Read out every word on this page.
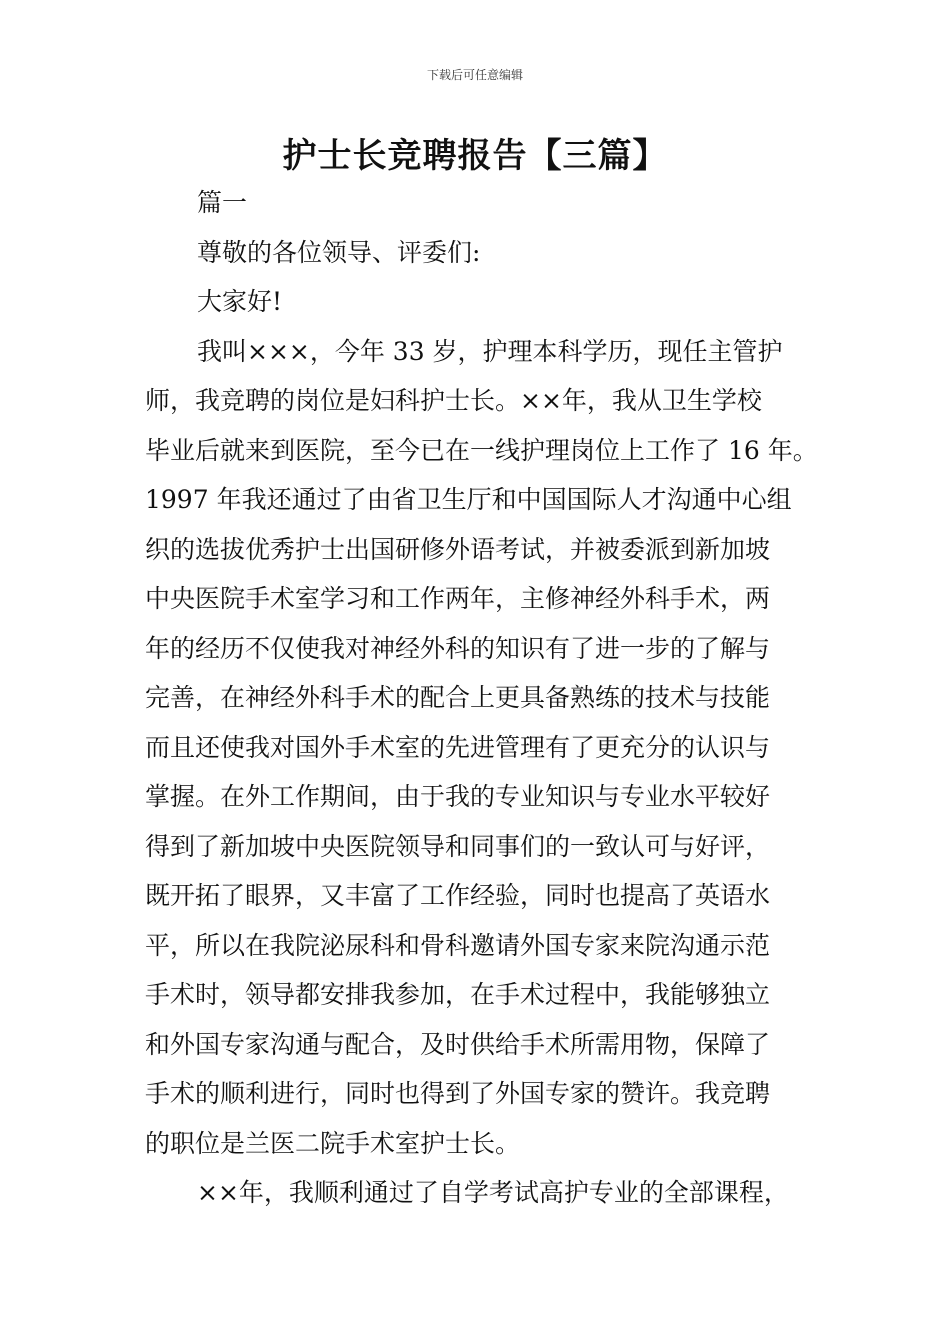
下载后可任意编辑
护士长竞聘报告【三篇】
篇一
尊敬的各位领导、评委们:
大家好!
我叫×××，今年 33 岁，护理本科学历，现任主管护
师，我竞聘的岗位是妇科护士长。××年，我从卫生学校
毕业后就来到医院，至今已在一线护理岗位上工作了 16 年。
1997 年我还通过了由省卫生厅和中国国际人才沟通中心组
织的选拔优秀护士出国研修外语考试，并被委派到新加坡
中央医院手术室学习和工作两年，主修神经外科手术，两
年的经历不仅使我对神经外科的知识有了进一步的了解与
完善，在神经外科手术的配合上更具备熟练的技术与技能
而且还使我对国外手术室的先进管理有了更充分的认识与
掌握。在外工作期间，由于我的专业知识与专业水平较好
得到了新加坡中央医院领导和同事们的一致认可与好评，
既开拓了眼界，又丰富了工作经验，同时也提高了英语水
平，所以在我院泌尿科和骨科邀请外国专家来院沟通示范
手术时，领导都安排我参加，在手术过程中，我能够独立
和外国专家沟通与配合，及时供给手术所需用物，保障了
手术的顺利进行，同时也得到了外国专家的赞许。我竞聘
的职位是兰医二院手术室护士长。
××年，我顺利通过了自学考试高护专业的全部课程，
